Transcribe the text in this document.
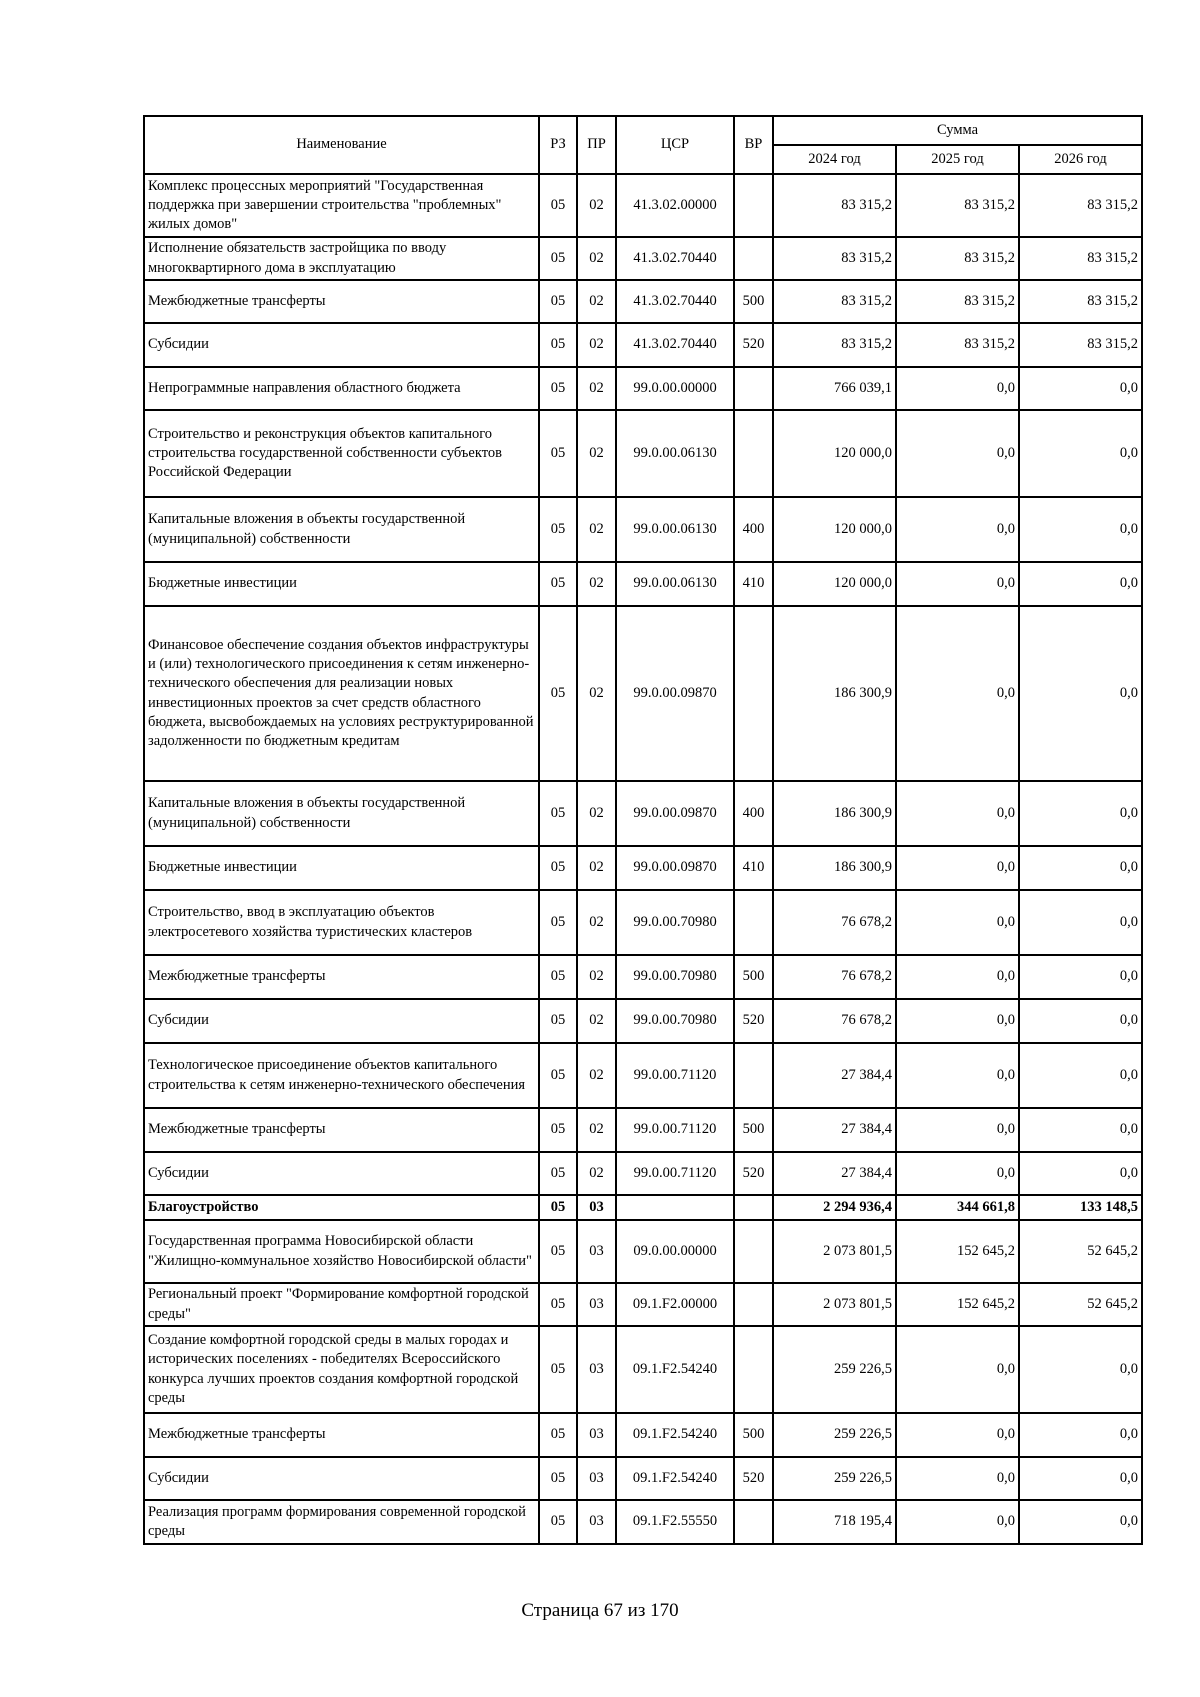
Наименование	РЗ	ПР	ЦСР	ВР	Сумма		
					2024 год	2025 год	2026 год
Комплекс процессных мероприятий "Государственная поддержка при завершении строительства "проблемных" жилых домов"	05	02	41.3.02.00000		83 315,2	83 315,2	83 315,2
Исполнение обязательств застройщика по вводу многоквартирного дома в эксплуатацию	05	02	41.3.02.70440		83 315,2	83 315,2	83 315,2
Межбюджетные трансферты	05	02	41.3.02.70440	500	83 315,2	83 315,2	83 315,2
Субсидии	05	02	41.3.02.70440	520	83 315,2	83 315,2	83 315,2
Непрограммные направления областного бюджета	05	02	99.0.00.00000		766 039,1	0,0	0,0
Строительство и реконструкция объектов капитального строительства государственной собственности субъектов Российской Федерации	05	02	99.0.00.06130		120 000,0	0,0	0,0
Капитальные вложения в объекты государственной (муниципальной) собственности	05	02	99.0.00.06130	400	120 000,0	0,0	0,0
Бюджетные инвестиции	05	02	99.0.00.06130	410	120 000,0	0,0	0,0
Финансовое обеспечение создания объектов инфраструктуры и (или) технологического присоединения к сетям инженерно-технического обеспечения для реализации новых инвестиционных проектов за счет средств областного бюджета, высвобождаемых на условиях реструктурированной задолженности по бюджетным кредитам	05	02	99.0.00.09870		186 300,9	0,0	0,0
Капитальные вложения в объекты государственной (муниципальной) собственности	05	02	99.0.00.09870	400	186 300,9	0,0	0,0
Бюджетные инвестиции	05	02	99.0.00.09870	410	186 300,9	0,0	0,0
Строительство, ввод в эксплуатацию объектов электросетевого хозяйства туристических кластеров	05	02	99.0.00.70980		76 678,2	0,0	0,0
Межбюджетные трансферты	05	02	99.0.00.70980	500	76 678,2	0,0	0,0
Субсидии	05	02	99.0.00.70980	520	76 678,2	0,0	0,0
Технологическое присоединение объектов капитального строительства к сетям инженерно-технического обеспечения	05	02	99.0.00.71120		27 384,4	0,0	0,0
Межбюджетные трансферты	05	02	99.0.00.71120	500	27 384,4	0,0	0,0
Субсидии	05	02	99.0.00.71120	520	27 384,4	0,0	0,0
Благоустройство	05	03			2 294 936,4	344 661,8	133 148,5
Государственная программа Новосибирской области "Жилищно-коммунальное хозяйство Новосибирской области"	05	03	09.0.00.00000		2 073 801,5	152 645,2	52 645,2
Региональный проект "Формирование комфортной городской среды"	05	03	09.1.F2.00000		2 073 801,5	152 645,2	52 645,2
Создание комфортной городской среды в малых городах и исторических поселениях - победителях Всероссийского конкурса лучших проектов создания комфортной городской среды	05	03	09.1.F2.54240		259 226,5	0,0	0,0
Межбюджетные трансферты	05	03	09.1.F2.54240	500	259 226,5	0,0	0,0
Субсидии	05	03	09.1.F2.54240	520	259 226,5	0,0	0,0
Реализация программ формирования современной городской среды	05	03	09.1.F2.55550		718 195,4	0,0	0,0
Страница 67 из 170
